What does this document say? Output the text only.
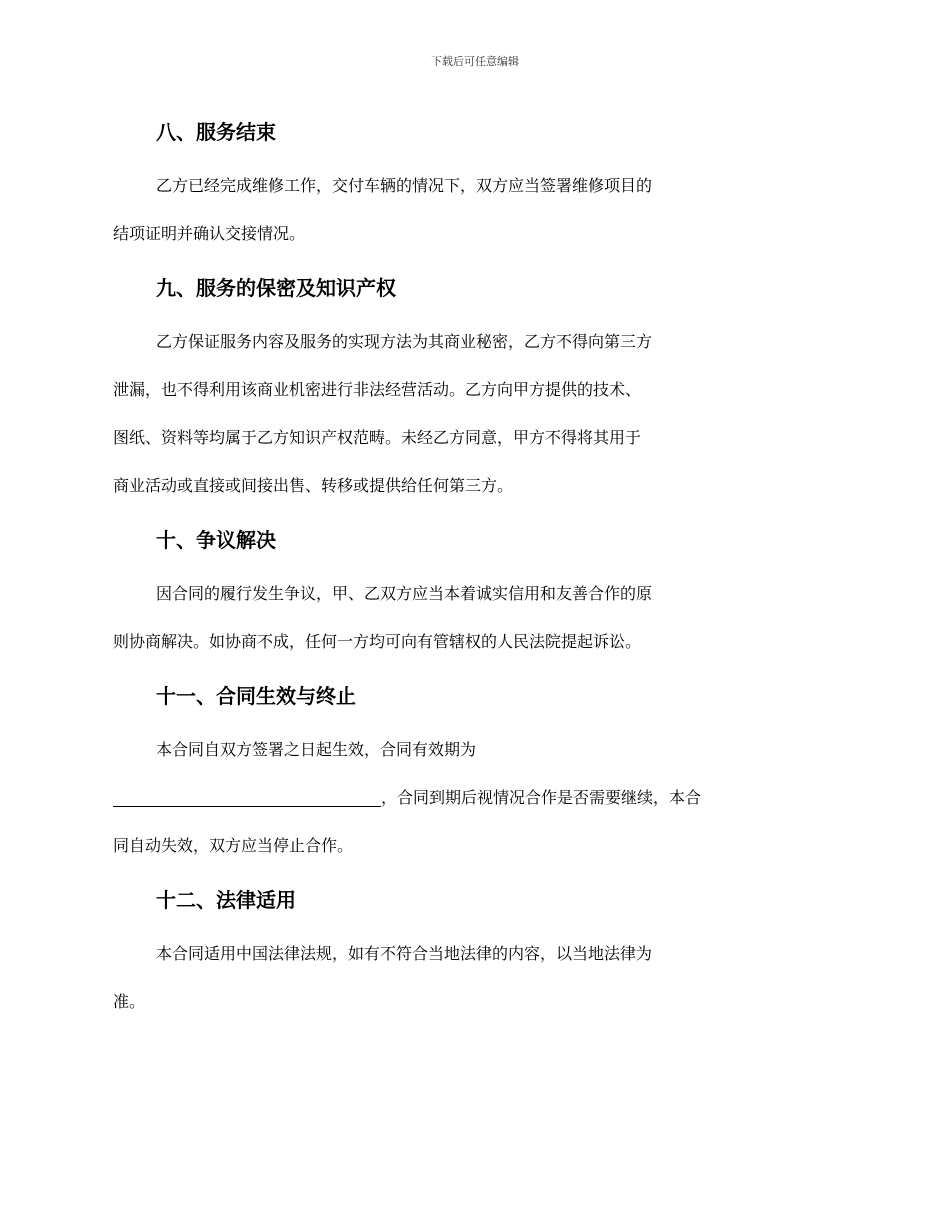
下载后可任意编辑
八、服务结束
乙方已经完成维修工作，交付车辆的情况下，双方应当签署维修项目的
结项证明并确认交接情况。
九、服务的保密及知识产权
乙方保证服务内容及服务的实现方法为其商业秘密，乙方不得向第三方
泄漏，也不得利用该商业机密进行非法经营活动。乙方向甲方提供的技术、
图纸、资料等均属于乙方知识产权范畴。未经乙方同意，甲方不得将其用于
商业活动或直接或间接出售、转移或提供给任何第三方。
十、争议解决
因合同的履行发生争议，甲、乙双方应当本着诚实信用和友善合作的原
则协商解决。如协商不成，任何一方均可向有管辖权的人民法院提起诉讼。
十一、合同生效与终止
本合同自双方签署之日起生效，合同有效期为
，合同到期后视情况合作是否需要继续，本合
同自动失效，双方应当停止合作。
十二、法律适用
本合同适用中国法律法规，如有不符合当地法律的内容，以当地法律为
准。
